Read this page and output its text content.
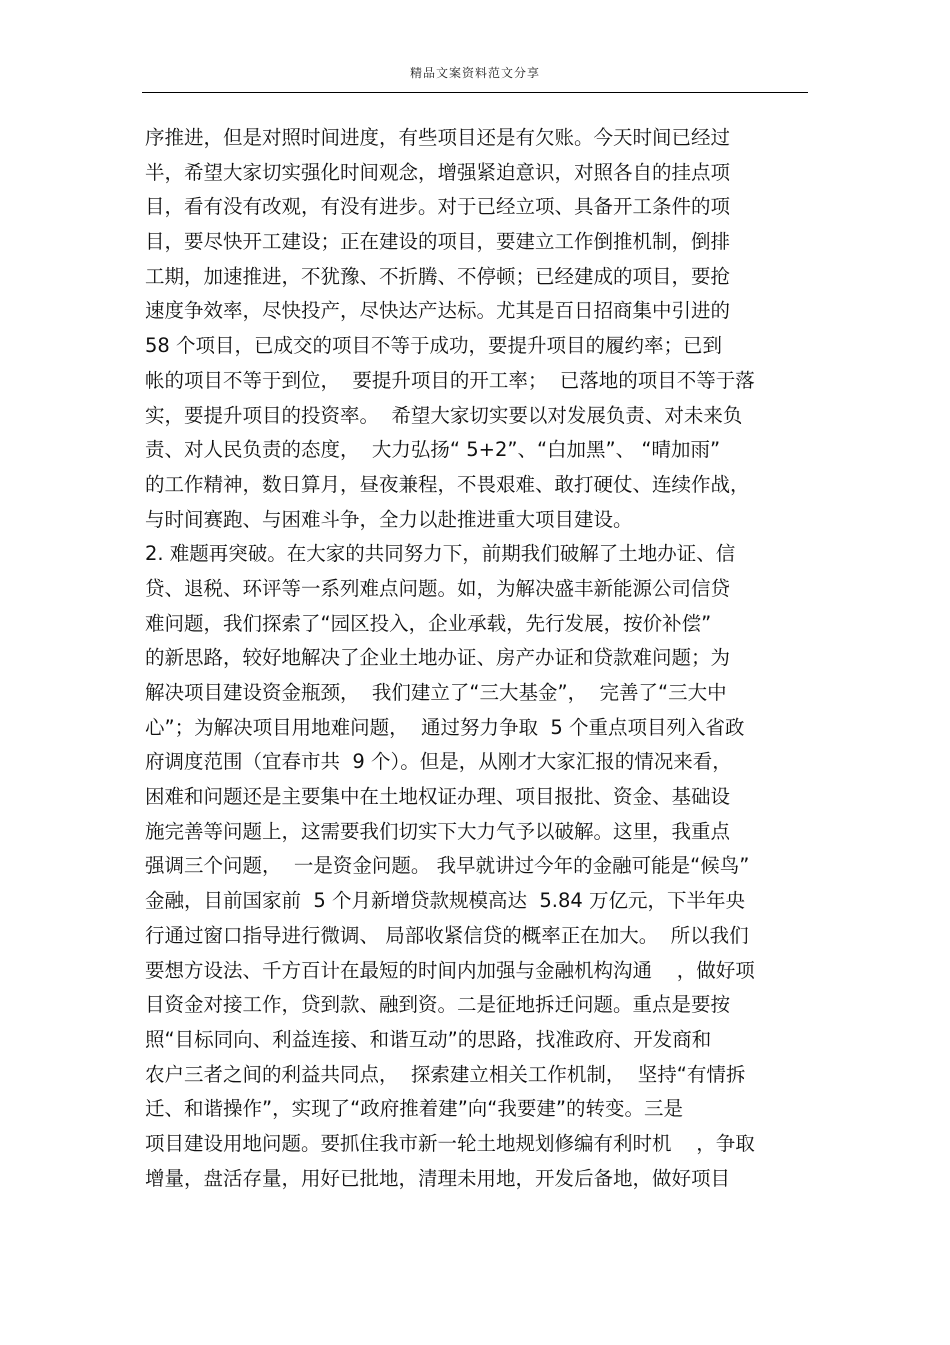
精品文案资料范文分享
序推进，但是对照时间进度，有些项目还是有欠账。今天时间已经过
半，希望大家切实强化时间观念，增强紧迫意识，对照各自的挂点项
目，看有没有改观，有没有进步。对于已经立项、具备开工条件的项
目，要尽快开工建设；正在建设的项目，要建立工作倒推机制，倒排
工期，加速推进，不犹豫、不折腾、不停顿；已经建成的项目，要抢
速度争效率，尽快投产，尽快达产达标。尤其是百日招商集中引进的
58 个项目，已成交的项目不等于成功，要提升项目的履约率；已到
帐的项目不等于到位，  要提升项目的开工率；  已落地的项目不等于落
实，要提升项目的投资率。  希望大家切实要以对发展负责、对未来负
责、对人民负责的态度，  大力弘扬“ 5+2”、“白加黑”、 “晴加雨”
的工作精神，数日算月，昼夜兼程，不畏艰难、敢打硬仗、连续作战，
与时间赛跑、与困难斗争，全力以赴推进重大项目建设。
2. 难题再突破。在大家的共同努力下，前期我们破解了土地办证、信
贷、退税、环评等一系列难点问题。如，为解决盛丰新能源公司信贷
难问题，我们探索了“园区投入，企业承载，先行发展，按价补偿”
的新思路，较好地解决了企业土地办证、房产办证和贷款难问题；为
解决项目建设资金瓶颈，  我们建立了“三大基金”，  完善了“三大中
心”；为解决项目用地难问题，  通过努力争取  5 个重点项目列入省政
府调度范围（宜春市共  9 个）。但是，从刚才大家汇报的情况来看，
困难和问题还是主要集中在土地权证办理、项目报批、资金、基础设
施完善等问题上，这需要我们切实下大力气予以破解。这里，我重点
强调三个问题，  一是资金问题。 我早就讲过今年的金融可能是“候鸟”
金融，目前国家前  5 个月新增贷款规模高达  5.84 万亿元，下半年央
行通过窗口指导进行微调、 局部收紧信贷的概率正在加大。  所以我们
要想方设法、千方百计在最短的时间内加强与金融机构沟通    ，做好项
目资金对接工作，贷到款、融到资。二是征地拆迁问题。重点是要按
照“目标同向、利益连接、和谐互动”的思路，找准政府、开发商和
农户三者之间的利益共同点，  探索建立相关工作机制，  坚持“有情拆
迁、和谐操作”，实现了“政府推着建”向“我要建”的转变。三是
项目建设用地问题。要抓住我市新一轮土地规划修编有利时机    ，争取
增量，盘活存量，用好已批地，清理未用地，开发后备地，做好项目
